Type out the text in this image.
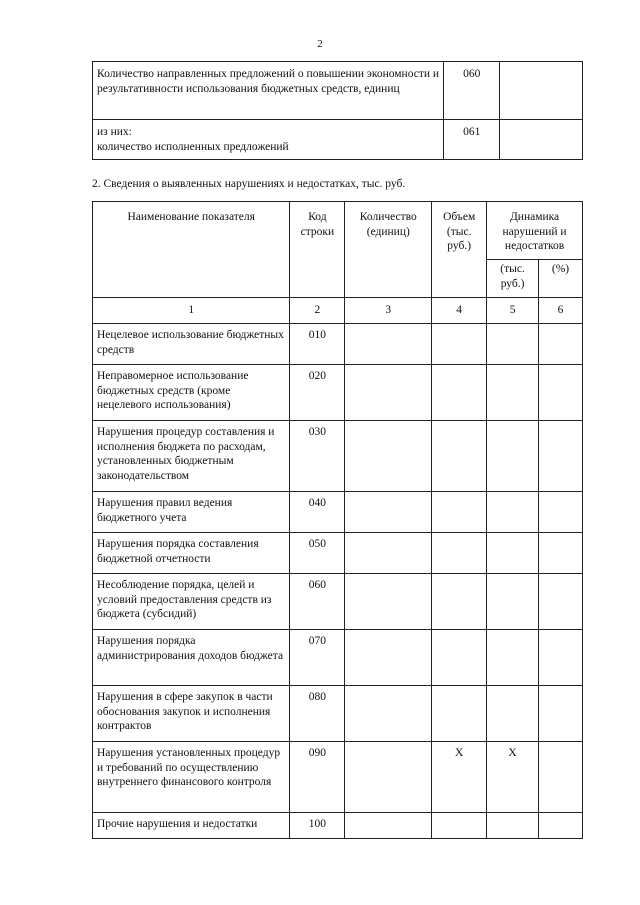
2
Количество направленных предложений о повышении экономности и результативности использования бюджетных средств, единиц	060	
из них:
количество исполненных предложений	061	
2. Сведения о выявленных нарушениях и недостатках, тыс. руб.
Наименование показателя	Код строки	Количество (единиц)	Объем (тыс. руб.)	Динамика нарушений и недостатков	
				(тыс. руб.)	(%)
1	2	3	4	5	6
Нецелевое использование бюджетных средств	010				
Неправомерное использование бюджетных средств (кроме нецелевого использования)	020				
Нарушения процедур составления и исполнения бюджета по расходам, установленных бюджетным законодательством	030				
Нарушения правил ведения бюджетного учета	040				
Нарушения порядка составления бюджетной отчетности	050				
Несоблюдение порядка, целей и условий предоставления средств из бюджета (субсидий)	060				
Нарушения порядка администрирования доходов бюджета	070				
Нарушения в сфере закупок в части обоснования закупок и исполнения контрактов	080				
Нарушения установленных процедур и требований по осуществлению внутреннего финансового контроля	090		X	X	
Прочие нарушения и недостатки	100				
